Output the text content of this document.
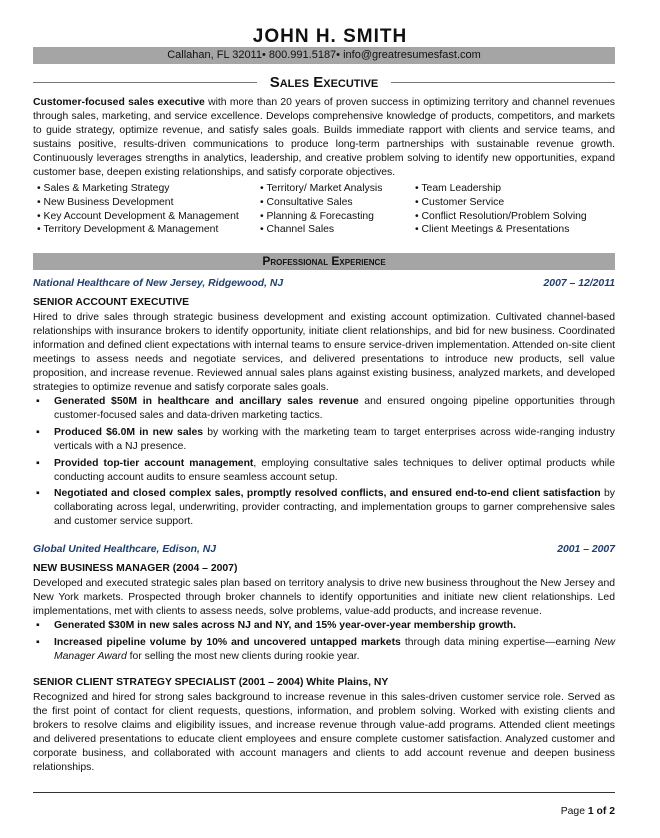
JOHN H. SMITH
Callahan, FL 32011• 800.991.5187• info@greatresumesfast.com
Sales Executive
Customer-focused sales executive with more than 20 years of proven success in optimizing territory and channel revenues through sales, marketing, and service excellence. Develops comprehensive knowledge of products, competitors, and markets to guide strategy, optimize revenue, and satisfy sales goals. Builds immediate rapport with clients and service teams, and sustains positive, results-driven communications to produce long-term partnerships with sustainable revenue growth. Continuously leverages strengths in analytics, leadership, and creative problem solving to identify new opportunities, expand customer base, deepen existing relationships, and satisfy corporate objectives.
• Sales & Marketing Strategy
• New Business Development
• Key Account Development & Management
• Territory Development & Management
• Territory/ Market Analysis
• Consultative Sales
• Planning & Forecasting
• Channel Sales
• Team Leadership
• Customer Service
• Conflict Resolution/Problem Solving
• Client Meetings & Presentations
Professional Experience
National Healthcare of New Jersey, Ridgewood, NJ	2007 – 12/2011
SENIOR ACCOUNT EXECUTIVE
Hired to drive sales through strategic business development and existing account optimization. Cultivated channel-based relationships with insurance brokers to identify opportunity, initiate client relationships, and bid for new business. Coordinated information and defined client expectations with internal teams to ensure service-driven implementation. Attended on-site client meetings to assess needs and negotiate services, and delivered presentations to introduce new products, sell value proposition, and increase revenue. Reviewed annual sales plans against existing business, analyzed markets, and developed strategies to optimize revenue and satisfy corporate sales goals.
▪ Generated $50M in healthcare and ancillary sales revenue and ensured ongoing pipeline opportunities through customer-focused sales and data-driven marketing tactics.
▪ Produced $6.0M in new sales by working with the marketing team to target enterprises across wide-ranging industry verticals with a NJ presence.
▪ Provided top-tier account management, employing consultative sales techniques to deliver optimal products while conducting account audits to ensure seamless account setup.
▪ Negotiated and closed complex sales, promptly resolved conflicts, and ensured end-to-end client satisfaction by collaborating across legal, underwriting, provider contracting, and implementation groups to garner comprehensive sales and customer service support.
Global United Healthcare, Edison, NJ	2001 – 2007
NEW BUSINESS MANAGER (2004 – 2007)
Developed and executed strategic sales plan based on territory analysis to drive new business throughout the New Jersey and New York markets. Prospected through broker channels to identify opportunities and initiate new client relationships. Led implementations, met with clients to assess needs, solve problems, value-add products, and increase revenue.
▪ Generated $30M in new sales across NJ and NY, and 15% year-over-year membership growth.
▪ Increased pipeline volume by 10% and uncovered untapped markets through data mining expertise—earning New Manager Award for selling the most new clients during rookie year.
SENIOR CLIENT STRATEGY SPECIALIST (2001 – 2004) White Plains, NY
Recognized and hired for strong sales background to increase revenue in this sales-driven customer service role. Served as the first point of contact for client requests, questions, information, and problem solving. Worked with existing clients and brokers to resolve claims and eligibility issues, and increase revenue through value-add programs. Attended client meetings and delivered presentations to educate client employees and ensure complete customer satisfaction. Analyzed customer and corporate business, and collaborated with account managers and clients to add account revenue and deepen business relationships.
Page 1 of 2
